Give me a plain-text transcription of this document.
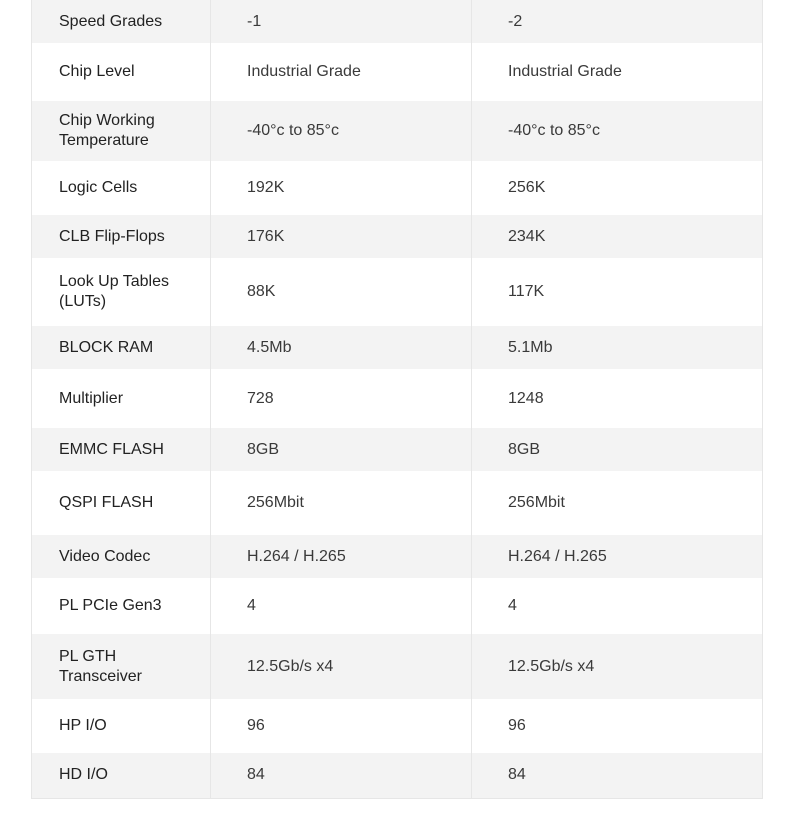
Speed Grades	-1	-2
Chip Level	Industrial Grade	Industrial Grade
Chip Working Temperature	-40°c to 85°c	-40°c to 85°c
Logic Cells	192K	256K
CLB Flip-Flops	176K	234K
Look Up Tables (LUTs)	88K	117K
BLOCK RAM	4.5Mb	5.1Mb
Multiplier	728	1248
EMMC FLASH	8GB	8GB
QSPI FLASH	256Mbit	256Mbit
Video Codec	H.264 / H.265	H.264 / H.265
PL PCIe Gen3	4	4
PL GTH Transceiver	12.5Gb/s x4	12.5Gb/s x4
HP I/O	96	96
HD I/O	84	84
